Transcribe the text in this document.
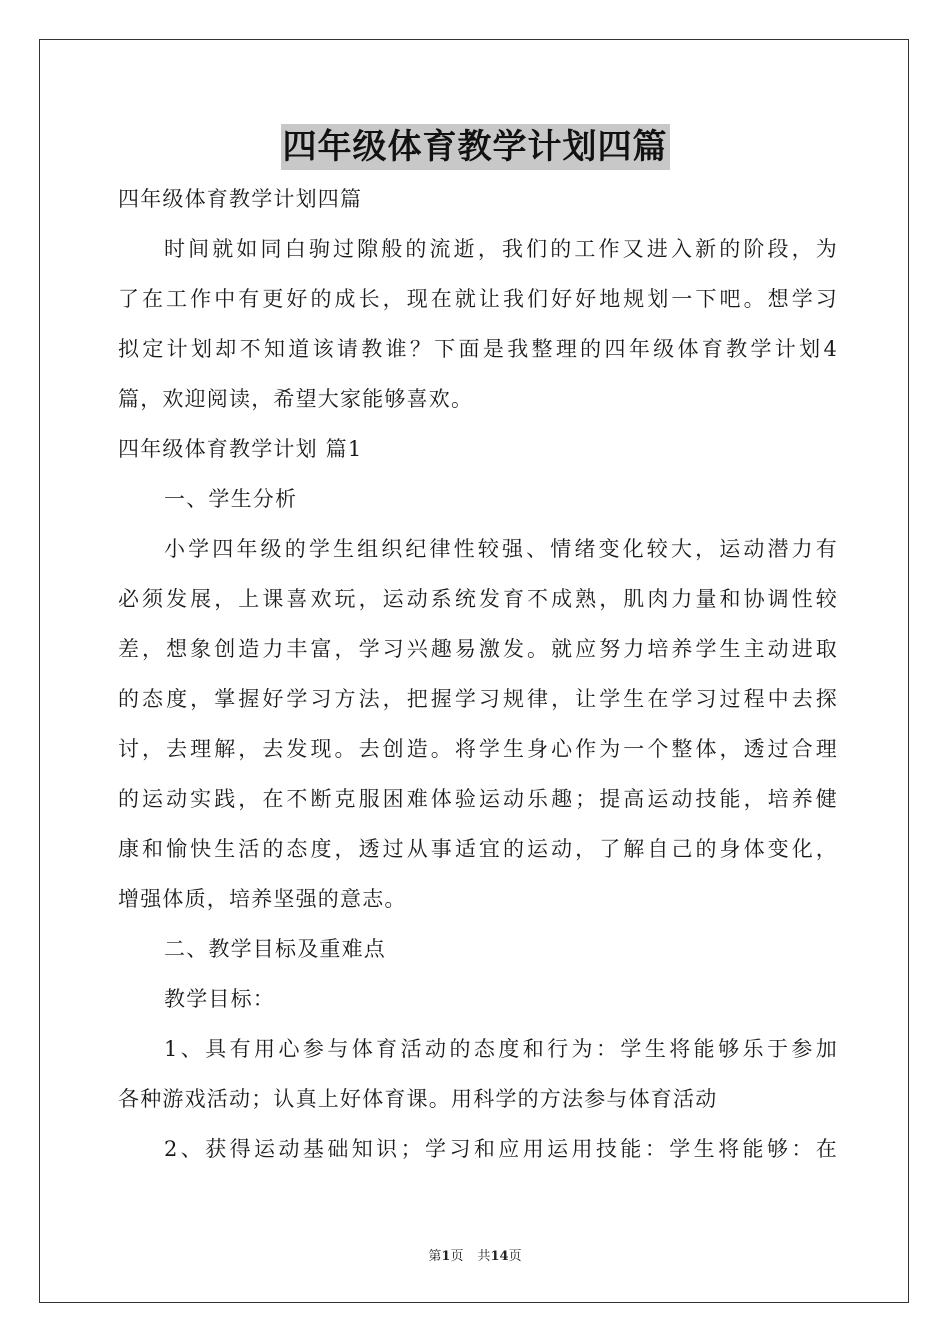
四年级体育教学计划四篇
四年级体育教学计划四篇
时间就如同白驹过隙般的流逝，我们的工作又进入新的阶段，为
了在工作中有更好的成长，现在就让我们好好地规划一下吧。想学习
拟定计划却不知道该请教谁？下面是我整理的四年级体育教学计划4
篇，欢迎阅读，希望大家能够喜欢。
四年级体育教学计划 篇1
一、学生分析
小学四年级的学生组织纪律性较强、情绪变化较大，运动潜力有
必须发展，上课喜欢玩，运动系统发育不成熟，肌肉力量和协调性较
差，想象创造力丰富，学习兴趣易激发。就应努力培养学生主动进取
的态度，掌握好学习方法，把握学习规律，让学生在学习过程中去探
讨，去理解，去发现。去创造。将学生身心作为一个整体，透过合理
的运动实践，在不断克服困难体验运动乐趣；提高运动技能，培养健
康和愉快生活的态度，透过从事适宜的运动，了解自己的身体变化，
增强体质，培养坚强的意志。
二、教学目标及重难点
教学目标：
1、具有用心参与体育活动的态度和行为：学生将能够乐于参加
各种游戏活动；认真上好体育课。用科学的方法参与体育活动
2、获得运动基础知识；学习和应用运用技能：学生将能够：在
第1页 共14页
